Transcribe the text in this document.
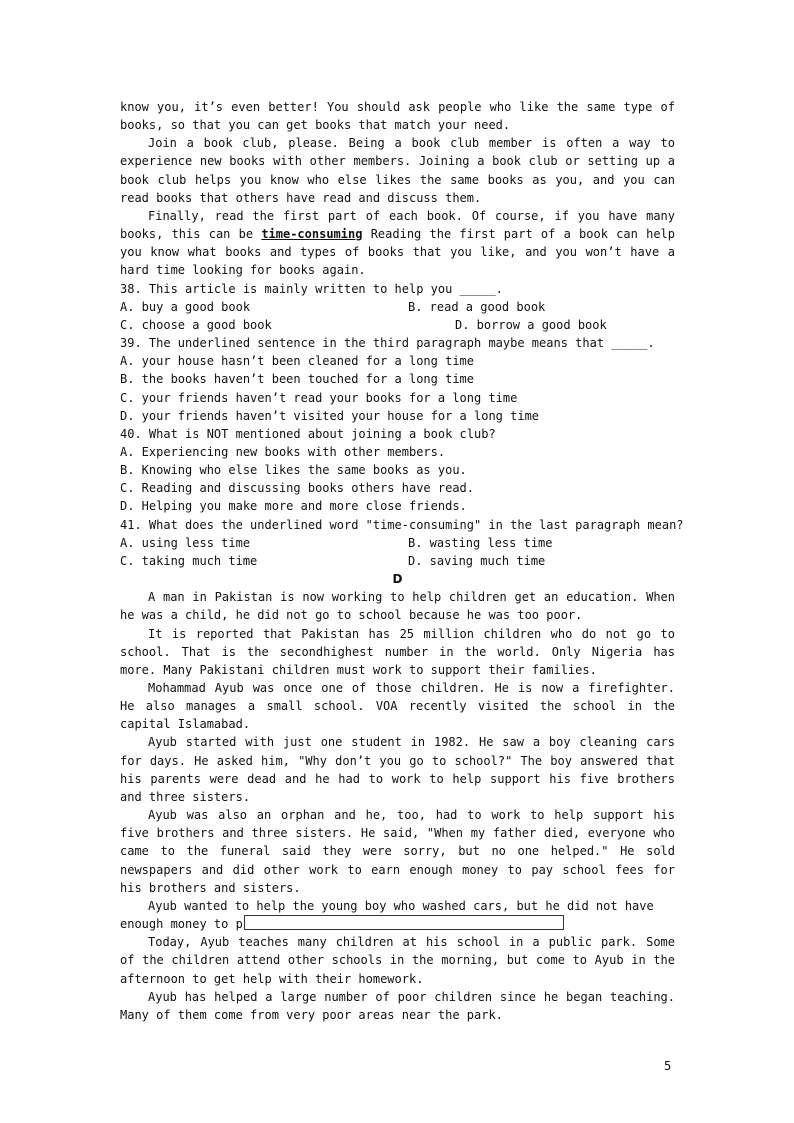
know you, it’s even better! You should ask people who like the same type of books, so that you can get books that match your need.

Join a book club, please. Being a book club member is often a way to experience new books with other members. Joining a book club or setting up a book club helps you know who else likes the same books as you, and you can read books that others have read and discuss them.

Finally, read the first part of each book. Of course, if you have many books, this can be time-consuming Reading the first part of a book can help you know what books and types of books that you like, and you won’t have a hard time looking for books again.

38. This article is mainly written to help you _____.

A. buy a good book	B. read a good book
C. choose a good book	D. borrow a good book

39. The underlined sentence in the third paragraph maybe means that _____.

A. your house hasn’t been cleaned for a long time

B. the books haven’t been touched for a long time

C. your friends haven’t read your books for a long time

D. your friends haven’t visited your house for a long time

40. What is NOT mentioned about joining a book club?

A. Experiencing new books with other members.

B. Knowing who else likes the same books as you.

C. Reading and discussing books others have read.

D. Helping you make more and more close friends.

41. What does the underlined word "time-consuming" in the last paragraph mean?

A. using less time	B. wasting less time
C. taking much time	D. saving much time

D

A man in Pakistan is now working to help children get an education. When he was a child, he did not go to school because he was too poor.

It is reported that Pakistan has 25 million children who do not go to school. That is the secondhighest number in the world. Only Nigeria has more. Many Pakistani children must work to support their families.

Mohammad Ayub was once one of those children. He is now a firefighter. He also manages a small school. VOA recently visited the school in the capital Islamabad.

Ayub started with just one student in 1982. He saw a boy cleaning cars for days. He asked him, "Why don’t you go to school?" The boy answered that his parents were dead and he had to work to help support his five brothers and three sisters.

Ayub was also an orphan and he, too, had to work to help support his five brothers and three sisters. He said, "When my father died, everyone who came to the funeral said they were sorry, but no one helped." He sold newspapers and did other work to earn enough money to pay school fees for his brothers and sisters.

Ayub wanted to help the young boy who washed cars, but he did not have

enough money to p

Today, Ayub teaches many children at his school in a public park. Some of the children attend other schools in the morning, but come to Ayub in the afternoon to get help with their homework.

Ayub has helped a large number of poor children since he began teaching. Many of them come from very poor areas near the park.

5
